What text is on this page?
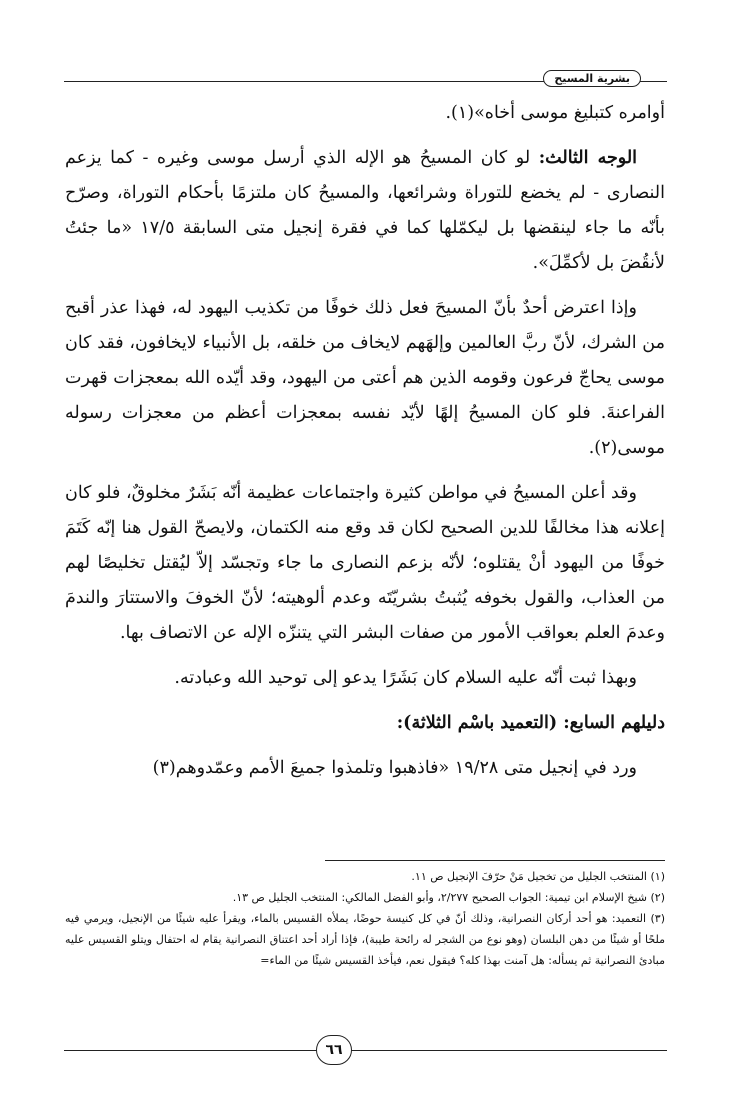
بشرية المسيح

أوامره كتبليغ موسى أخاه»(١).

الوجه الثالث: لو كان المسيحُ هو الإله الذي أرسل موسى وغيره - كما يزعم النصارى - لم يخضع للتوراة وشرائعها، والمسيحُ كان ملتزمًا بأحكام التوراة، وصرّح بأنّه ما جاء لينقضها بل ليكمّلها كما في فقرة إنجيل متى السابقة ١٧/٥ «ما جئتُ لأنقُضَ بل لأكمِّلَ».

وإذا اعترض أحدٌ بأنّ المسيحَ فعل ذلك خوفًا من تكذيب اليهود له، فهذا عذر أقبح من الشرك، لأنّ ربَّ العالمين وإلهَهم لايخاف من خلقه، بل الأنبياء لايخافون، فقد كان موسى يحاجّ فرعون وقومه الذين هم أعتى من اليهود، وقد أيّده الله بمعجزات قهرت الفراعنةَ. فلو كان المسيحُ إلهًا لأيّد نفسه بمعجزات أعظم من معجزات رسوله موسى(٢).

وقد أعلن المسيحُ في مواطن كثيرة واجتماعات عظيمة أنّه بَشَرٌ مخلوقٌ، فلو كان إعلانه هذا مخالفًا للدين الصحيح لكان قد وقع منه الكتمان، ولايصحّ القول هنا إنّه كَتَمَ خوفًا من اليهود أنْ يقتلوه؛ لأنّه بزعم النصارى ما جاء وتجسّد إلاّ ليُقتل تخليصًا لهم من العذاب، والقول بخوفه يُثبتُ بشريّتَه وعدم ألوهيته؛ لأنّ الخوفَ والاستتارَ والندمَ وعدمَ العلم بعواقب الأمور من صفات البشر التي يتنزّه الإله عن الاتصاف بها.

وبهذا ثبت أنّه عليه السلام كان بَشَرًا يدعو إلى توحيد الله وعبادته.

دليلهم السابع: (التعميد باسْم الثلاثة):

ورد في إنجيل متى ١٩/٢٨ «فاذهبوا وتلمذوا جميعَ الأمم وعمّدوهم(٣)

(١) المنتخب الجليل من تخجيل مَنْ حرّفَ الإنجيل ص ١١.

(٢) شيخ الإسلام ابن تيمية: الجواب الصحيح ٢/٢٧٧، وأبو الفضل المالكي: المنتخب الجليل ص ١٣.

(٣) التعميد: هو أحد أركان النصرانية، وذلك أنّ في كل كنيسة حوضًا، يملأه القسيس بالماء، ويقرأ عليه شيئًا من الإنجيل، ويرمي فيه ملحًا أو شيئًا من دهن البلسان (وهو نوع من الشجر له رائحة طيبة)، فإذا أراد أحد اعتناق النصرانية يقام له احتفال ويتلو القسيس عليه مبادئ النصرانية ثم يسأله: هل آمنت بهذا كله؟ فيقول نعم، فيأخذ القسيس شيئًا من الماء=

٦٦
